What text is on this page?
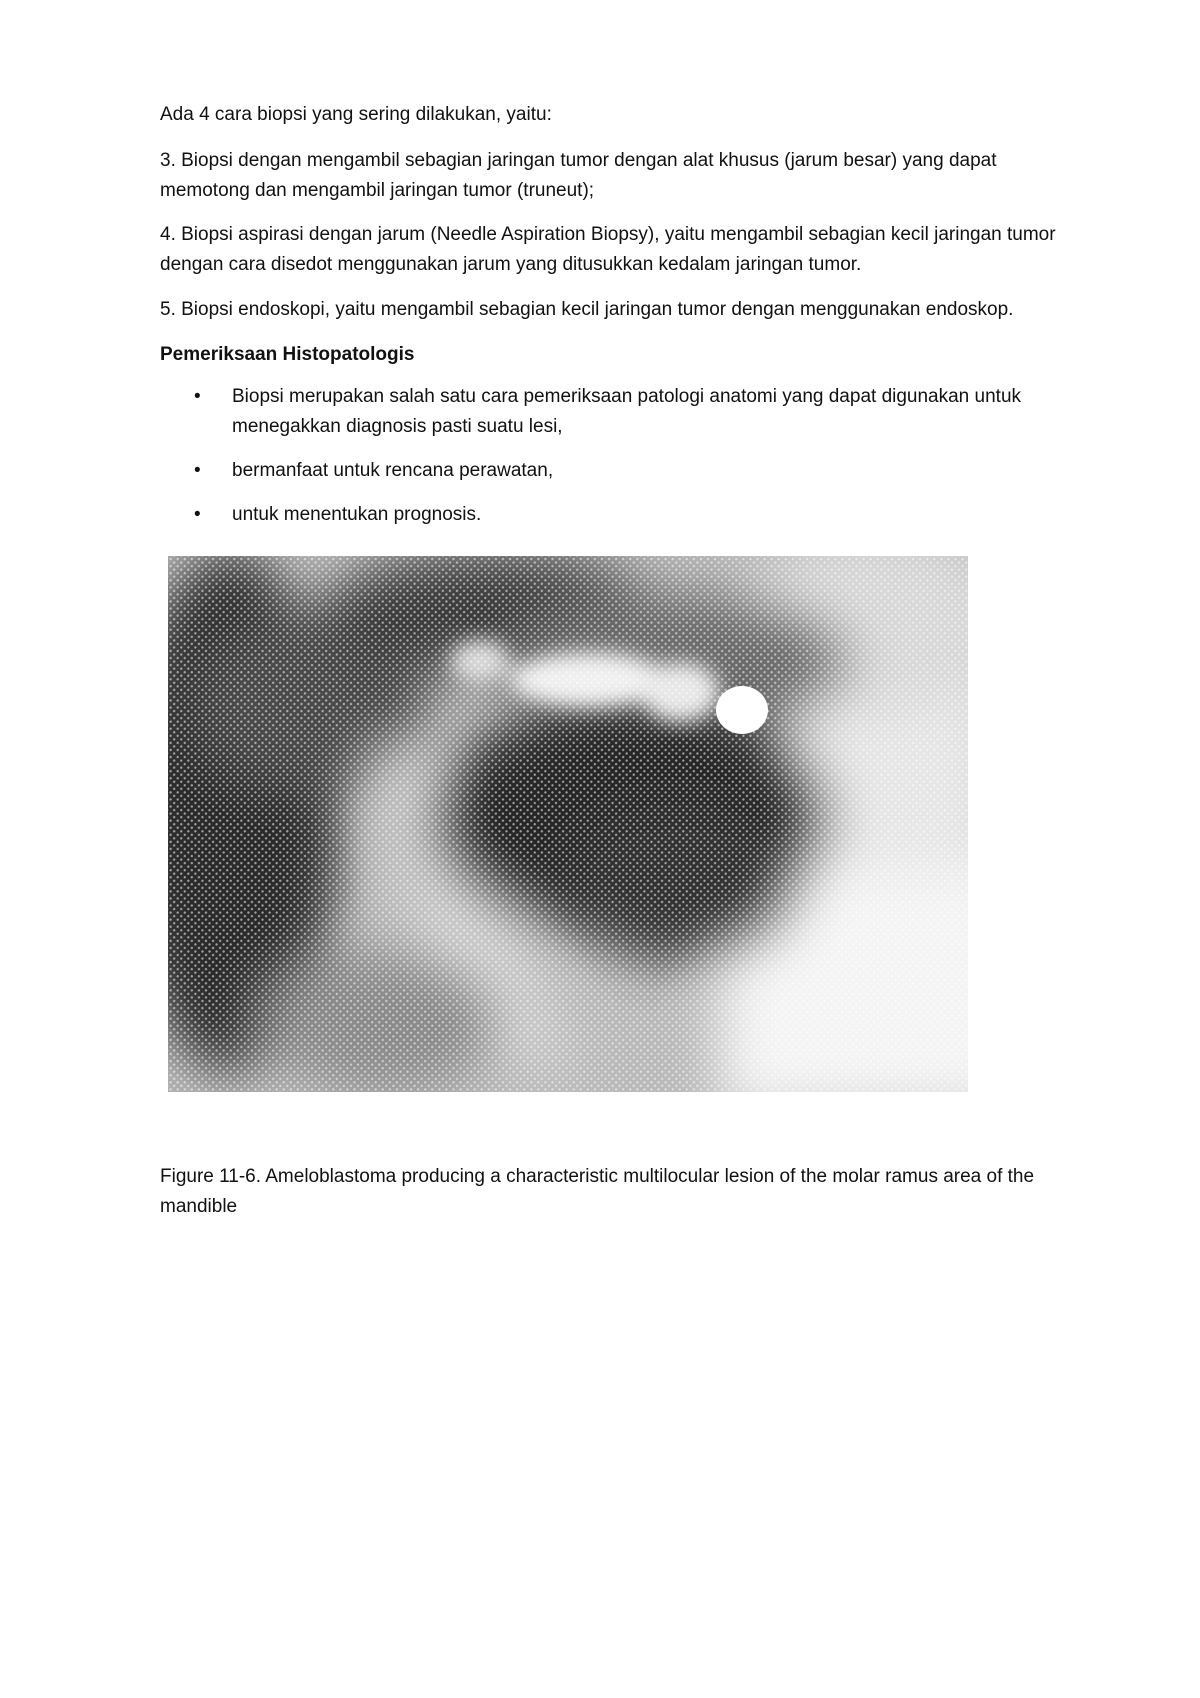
Ada 4 cara biopsi yang sering dilakukan, yaitu:

3. Biopsi dengan mengambil sebagian jaringan tumor dengan alat khusus (jarum besar) yang dapat memotong dan mengambil jaringan tumor (truneut);

4. Biopsi aspirasi dengan jarum (Needle Aspiration Biopsy), yaitu mengambil sebagian kecil jaringan tumor dengan cara disedot menggunakan jarum yang ditusukkan kedalam jaringan tumor.

5. Biopsi endoskopi, yaitu mengambil sebagian kecil jaringan tumor dengan menggunakan endoskop.

Pemeriksaan Histopatologis

• Biopsi merupakan salah satu cara pemeriksaan patologi anatomi yang dapat digunakan untuk menegakkan diagnosis pasti suatu lesi,
• bermanfaat untuk rencana perawatan,
• untuk menentukan prognosis.

Figure 11-6. Ameloblastoma producing a characteristic multilocular lesion of the molar ramus area of the mandible
